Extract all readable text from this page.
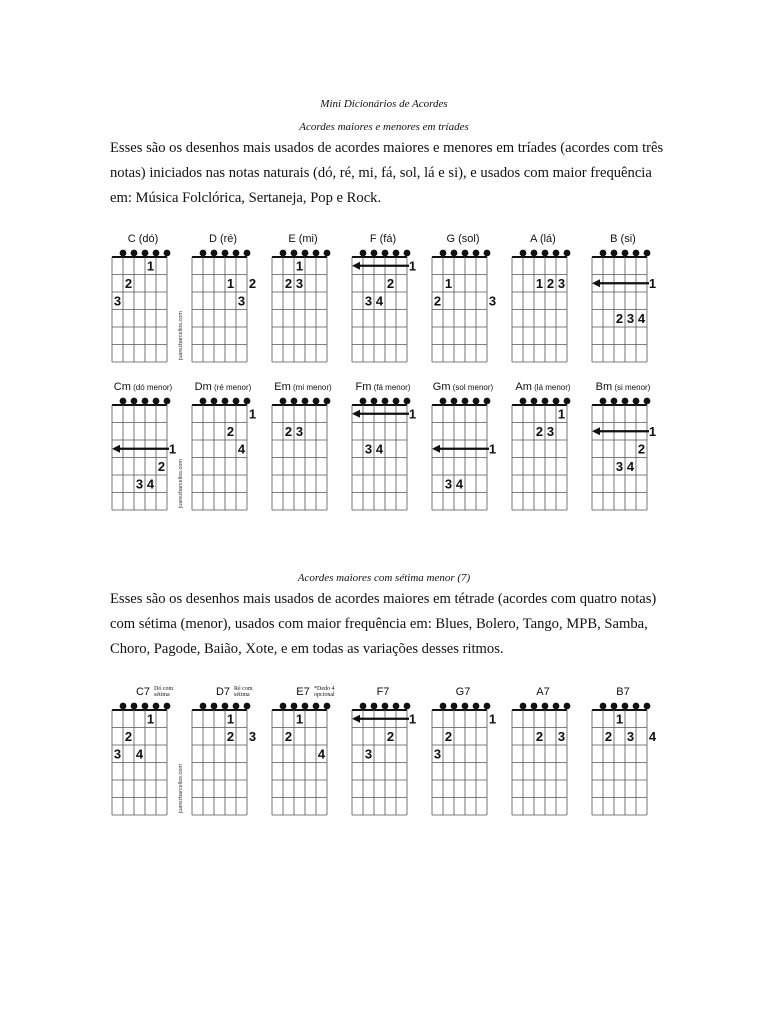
Mini Dicionários de Acordes
Acordes maiores e menores em tríades
Esses são os desenhos mais usados de acordes maiores e menores em tríades (acordes com três notas) iniciados nas notas naturais (dó, ré, mi, fá, sol, lá e si), e usados com maior frequência em: Música Folclórica, Sertaneja, Pop e Rock.
C (dó)
1
2
3
D (ré)
1 2
3
juarezbarcellos.com
E (mi)
1
2 3
F (fá)
1
2
3 4
G (sol)
1
2	3
A (lá)
1 2 3
B (si)
1
2 3 4
Cm (dó menor)
1
2
3 4
Dm (ré menor)
1
2
4
juarezbarcellos.com
Em (mi menor)
2 3
Fm (fá menor)
1
3 4
Gm (sol menor)
1
3 4
Am (lá menor)
1
2 3
Bm (si menor)
1
2
3 4
Acordes maiores com sétima menor (7)
Esses são os desenhos mais usados de acordes maiores em tétrade (acordes com quatro notas) com sétima (menor), usados com maior frequência em: Blues, Bolero, Tango, MPB, Samba, Choro, Pagode, Baião, Xote, e em todas as variações desses ritmos.
C7 Dó com
sétima
1
2
3 4
D7 Ré com
sétima
1
2 3
juarezbarcellos.com
E7 *Dedo 4
opcional
1
2
4
F7
1
2
3
G7
1
2
3
A7
2 3
B7
1
2 3 4
